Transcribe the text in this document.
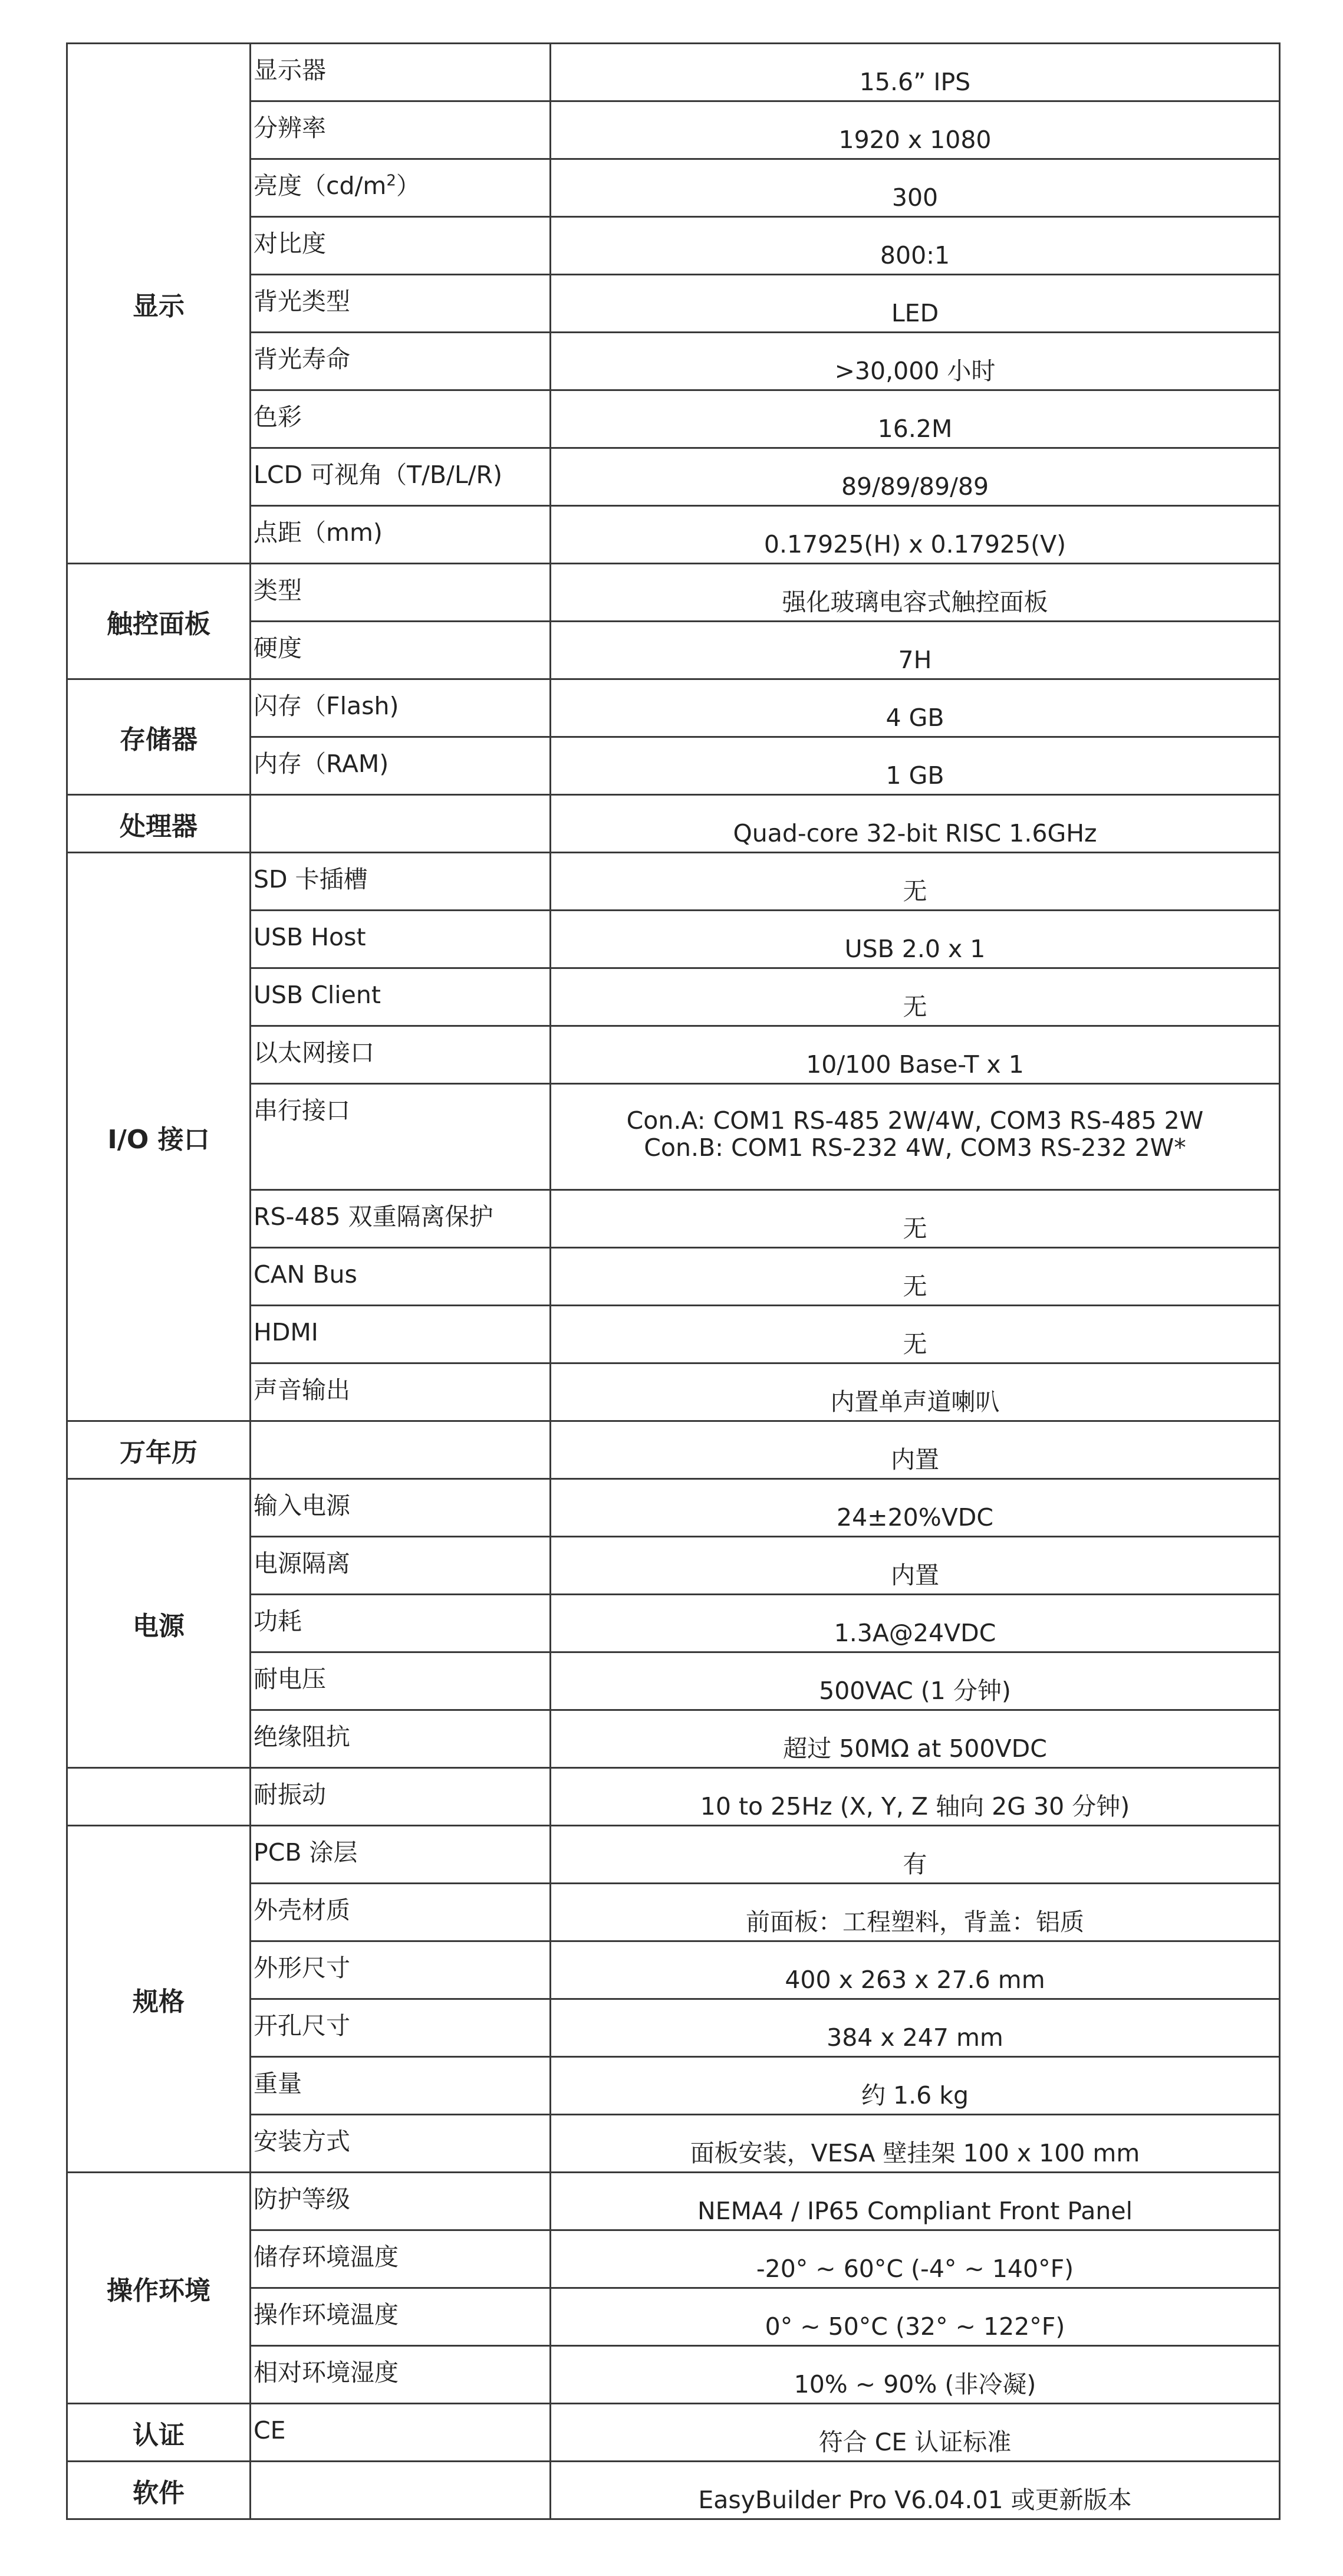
显示	显示器	15.6” IPS

	分辨率	1920 x 1080

	亮度$(cd/m^2)$	300

	对比度	800:1

	背光类型	LED

	背光寿命	>30,000 小时

	色彩	16.2M

	LCD 可视角（T/B/L/R)	89/89/89/89

	点距（mm)	0.17925(H) x 0.17925(V)

触控面板	类型	强化玻璃电容式触控面板

	硬度	7H

存储器	闪存（Flash)	4 GB

	内存（RAM)	1 GB

处理器		Quad-core 32-bit RISC 1.6GHz

I/O 接口	SD 卡插槽	无

	USB Host	USB 2.0 x 1

	USB Client	无

	以太网接口	10/100 Base-T x 1

	串行接口	Con.A: COM1 RS-485 2W/4W, COM3 RS-485 2W
Con.B: COM1 RS-232 4W, COM3 RS-232 2W*

	RS-485 双重隔离保护	无

	CAN Bus	无

	HDMI	无

	声音输出	内置单声道喇叭

万年历		内置

电源	输入电源	24±20%VDC

	电源隔离	内置

	功耗	1.3A@24VDC

	耐电压	500VAC (1 分钟)

	绝缘阻抗	超过 50MΩ at 500VDC

	耐振动	10 to 25Hz (X, Y, Z 轴向 2G 30 分钟)

规格	PCB 涂层	有

	外壳材质	前面板：工程塑料，背盖：铝质

	外形尺寸	400 x 263 x 27.6 mm

	开孔尺寸	384 x 247 mm

	重量	约 1.6 kg

	安装方式	面板安装，VESA 壁挂架 100 x 100 mm

操作环境	防护等级	NEMA4 / IP65 Compliant Front Panel

	储存环境温度	-20° ~ 60°C (-4° ~ 140°F)

	操作环境温度	0° ~ 50°C (32° ~ 122°F)

	相对环境湿度	10% ~ 90% (非冷凝)

认证	CE	符合 CE 认证标准

软件		EasyBuilder Pro V6.04.01 或更新版本
